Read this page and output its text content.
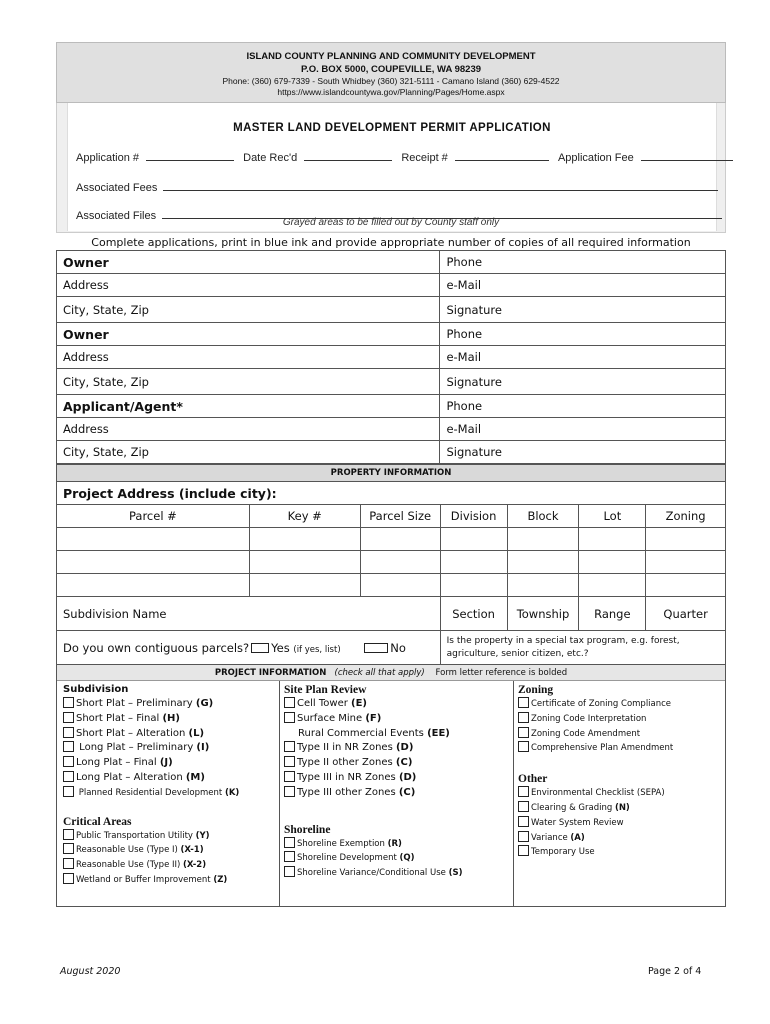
ISLAND COUNTY PLANNING AND COMMUNITY DEVELOPMENT
P.O. BOX 5000, COUPEVILLE, WA 98239
Phone: (360) 679-7339 - South Whidbey (360) 321-5111 - Camano Island (360) 629-4522
https://www.islandcountywa.gov/Planning/Pages/Home.aspx
MASTER LAND DEVELOPMENT PERMIT APPLICATION
Application #	Date Rec'd	Receipt #	Application Fee
Associated Fees
Associated Files
Grayed areas to be filled out by County staff only
Complete applications, print in blue ink and provide appropriate number of copies of all required information
Owner	Phone
Address	e-Mail
City, State, Zip	Signature
Owner	Phone
Address	e-Mail
City, State, Zip	Signature
Applicant/Agent*	Phone
Address	e-Mail
City, State, Zip	Signature
PROPERTY INFORMATION						
Project Address (include city):						
Parcel #	Key #	Parcel Size	Division	Block	Lot	Zoning

Subdivision Name			Section	Township	Range	Quarter
Do you own contiguous parcels? Yes (if yes, list) No			Is the property in a special tax program, e.g. forest, agriculture, senior citizen, etc.?			
PROJECT INFORMATION (check all that apply) Form letter reference is bolded
Subdivision
Short Plat – Preliminary (G)
Short Plat – Final (H)
Short Plat – Alteration (L)
Long Plat – Preliminary (I)
Long Plat – Final (J)
Long Plat – Alteration (M)
Planned Residential Development (K)
Critical Areas
Public Transportation Utility (Y)
Reasonable Use (Type I) (X-1)
Reasonable Use (Type II) (X-2)
Wetland or Buffer Improvement (Z)
Site Plan Review
Cell Tower (E)
Surface Mine (F)
Rural Commercial Events (EE)
Type II in NR Zones (D)
Type II other Zones (C)
Type III in NR Zones (D)
Type III other Zones (C)
Shoreline
Shoreline Exemption (R)
Shoreline Development (Q)
Shoreline Variance/Conditional Use (S)
Zoning
Certificate of Zoning Compliance
Zoning Code Interpretation
Zoning Code Amendment
Comprehensive Plan Amendment
Other
Environmental Checklist (SEPA)
Clearing & Grading (N)
Water System Review
Variance (A)
Temporary Use
August 2020	Page 2 of 4
